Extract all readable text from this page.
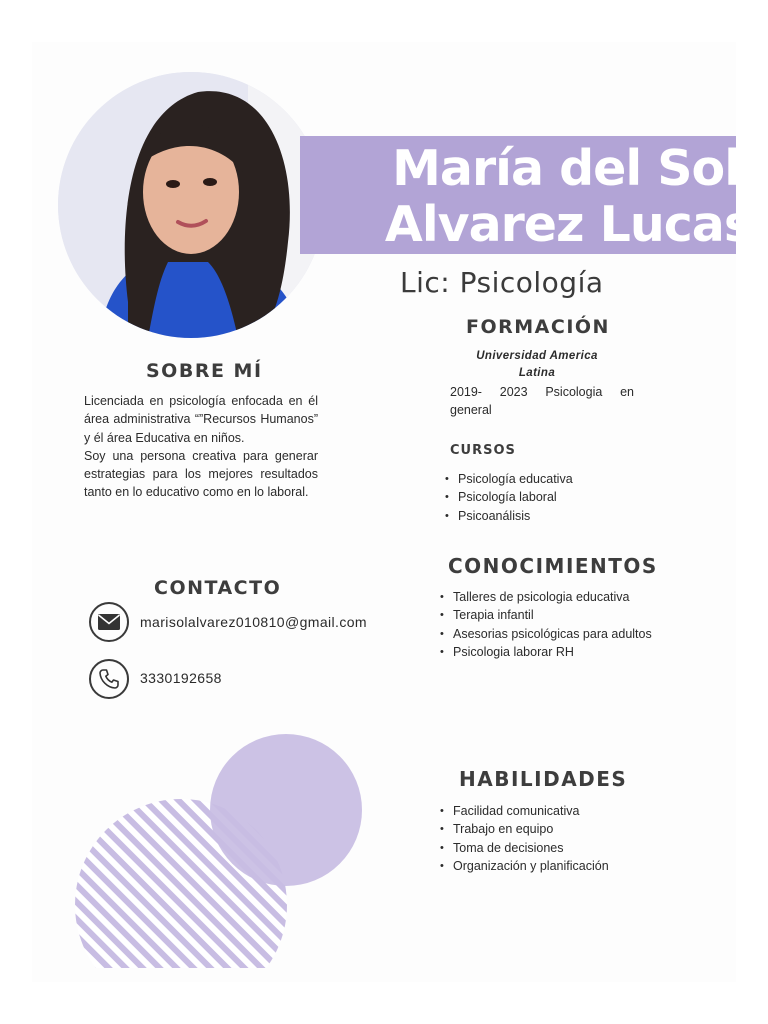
María del Sol
Alvarez Lucas
Lic: Psicología
SOBRE MÍ
Licenciada en psicología enfocada en él área administrativa “”Recursos Humanos” y él área Educativa en niños.
Soy una persona creativa para generar estrategias para los mejores resultados tanto en lo educativo como en lo laboral.
CONTACTO
marisolalvarez010810@gmail.com
3330192658
FORMACIÓN
Universidad America Latina
2019- 2023 Psicologia en general
CURSOS
• Psicología educativa
• Psicología laboral
• Psicoanálisis
CONOCIMIENTOS
• Talleres de psicologia educativa
• Terapia infantil
• Asesorias psicológicas para adultos
• Psicologia laborar RH
HABILIDADES
• Facilidad comunicativa
• Trabajo en equipo
• Toma de decisiones
• Organización y planificación
